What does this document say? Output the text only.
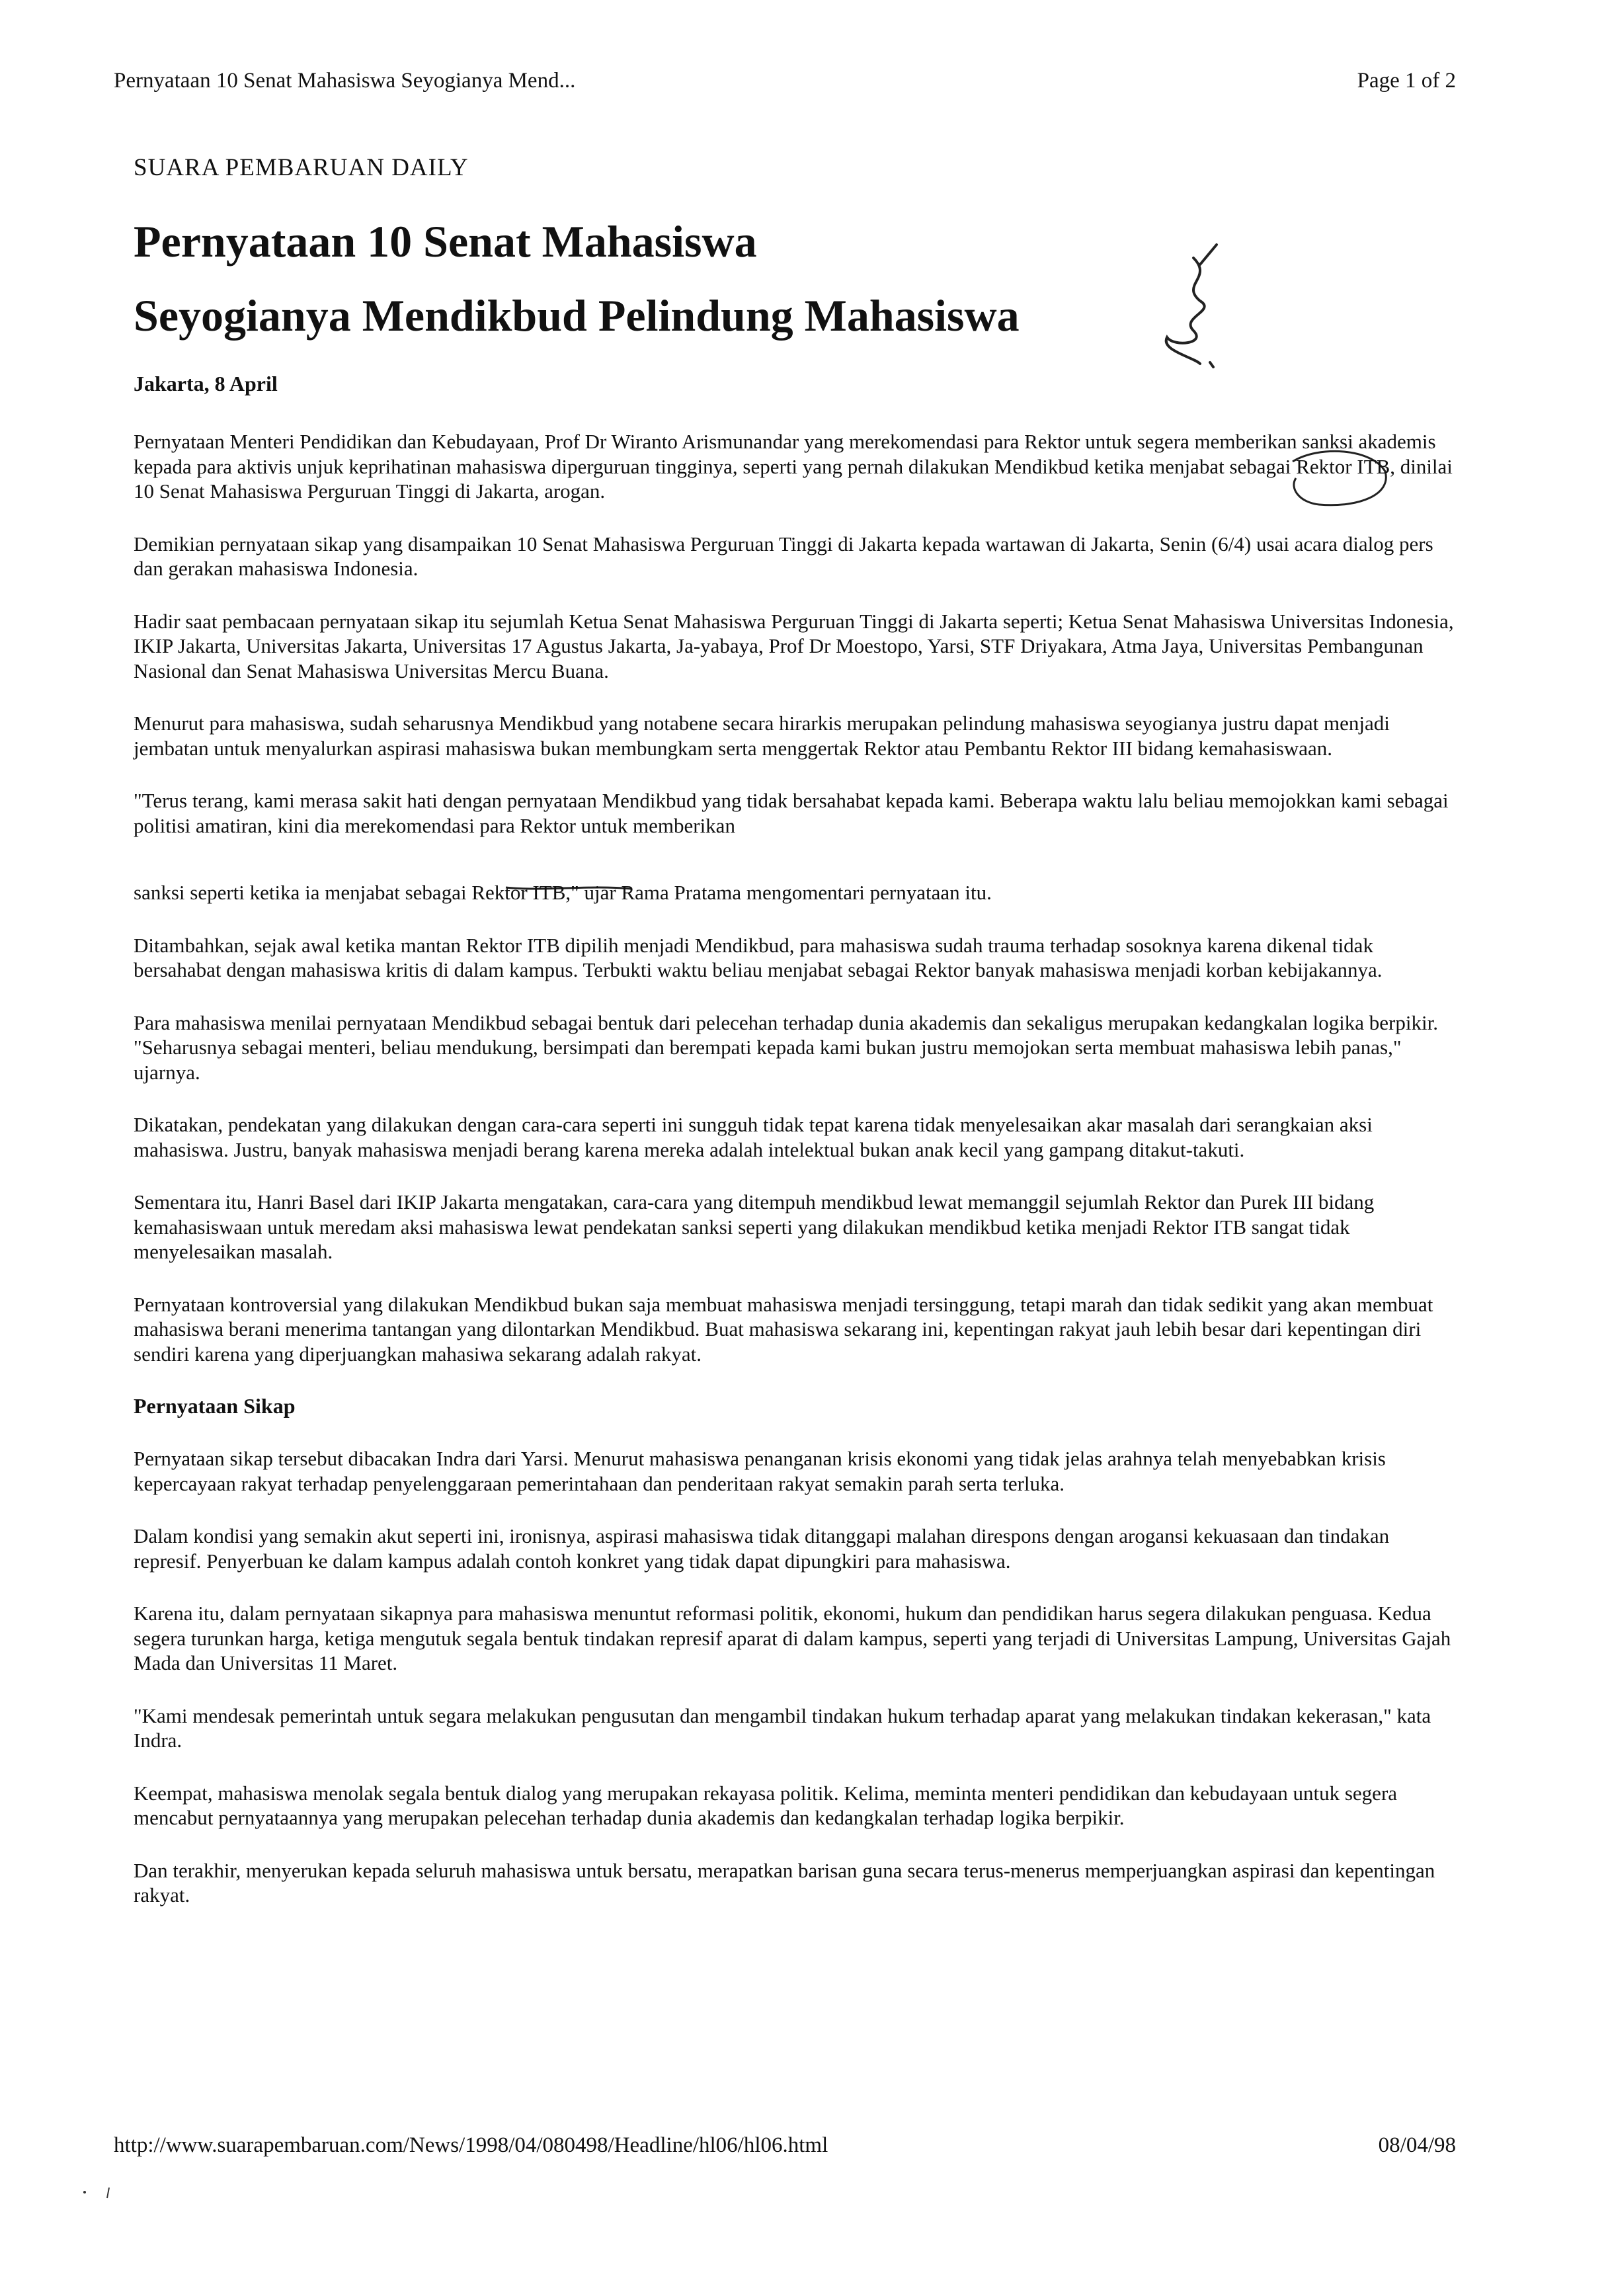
Pernyataan 10 Senat Mahasiswa Seyogianya Mend...	Page 1 of 2
SUARA PEMBARUAN DAILY
Pernyataan 10 Senat Mahasiswa
Seyogianya Mendikbud Pelindung Mahasiswa
Jakarta, 8 April

Pernyataan Menteri Pendidikan dan Kebudayaan, Prof Dr Wiranto Arismunandar yang merekomendasi para Rektor untuk segera memberikan sanksi akademis kepada para aktivis unjuk keprihatinan mahasiswa diperguruan tingginya, seperti yang pernah dilakukan Mendikbud ketika menjabat sebagai Rektor ITB, dinilai 10 Senat Mahasiswa Perguruan Tinggi di Jakarta, arogan.

Demikian pernyataan sikap yang disampaikan 10 Senat Mahasiswa Perguruan Tinggi di Jakarta kepada wartawan di Jakarta, Senin (6/4) usai acara dialog pers dan gerakan mahasiswa Indonesia.

Hadir saat pembacaan pernyataan sikap itu sejumlah Ketua Senat Mahasiswa Perguruan Tinggi di Jakarta seperti; Ketua Senat Mahasiswa Universitas Indonesia, IKIP Jakarta, Universitas Jakarta, Universitas 17 Agustus Jakarta, Ja-yabaya, Prof Dr Moestopo, Yarsi, STF Driyakara, Atma Jaya, Universitas Pembangunan Nasional dan Senat Mahasiswa Universitas Mercu Buana.

Menurut para mahasiswa, sudah seharusnya Mendikbud yang notabene secara hirarkis merupakan pelindung mahasiswa seyogianya justru dapat menjadi jembatan untuk menyalurkan aspirasi mahasiswa bukan membungkam serta menggertak Rektor atau Pembantu Rektor III bidang kemahasiswaan.

"Terus terang, kami merasa sakit hati dengan pernyataan Mendikbud yang tidak bersahabat kepada kami. Beberapa waktu lalu beliau memojokkan kami sebagai politisi amatiran, kini dia merekomendasi para Rektor untuk memberikan

sanksi seperti ketika ia menjabat sebagai Rektor ITB," ujar Rama Pratama mengomentari pernyataan itu.

Ditambahkan, sejak awal ketika mantan Rektor ITB dipilih menjadi Mendikbud, para mahasiswa sudah trauma terhadap sosoknya karena dikenal tidak bersahabat dengan mahasiswa kritis di dalam kampus. Terbukti waktu beliau menjabat sebagai Rektor banyak mahasiswa menjadi korban kebijakannya.

Para mahasiswa menilai pernyataan Mendikbud sebagai bentuk dari pelecehan terhadap dunia akademis dan sekaligus merupakan kedangkalan logika berpikir. "Seharusnya sebagai menteri, beliau mendukung, bersimpati dan berempati kepada kami bukan justru memojokan serta membuat mahasiswa lebih panas," ujarnya.

Dikatakan, pendekatan yang dilakukan dengan cara-cara seperti ini sungguh tidak tepat karena tidak menyelesaikan akar masalah dari serangkaian aksi mahasiswa. Justru, banyak mahasiswa menjadi berang karena mereka adalah intelektual bukan anak kecil yang gampang ditakut-takuti.

Sementara itu, Hanri Basel dari IKIP Jakarta mengatakan, cara-cara yang ditempuh mendikbud lewat memanggil sejumlah Rektor dan Purek III bidang kemahasiswaan untuk meredam aksi mahasiswa lewat pendekatan sanksi seperti yang dilakukan mendikbud ketika menjadi Rektor ITB sangat tidak menyelesaikan masalah.

Pernyataan kontroversial yang dilakukan Mendikbud bukan saja membuat mahasiswa menjadi tersinggung, tetapi marah dan tidak sedikit yang akan membuat mahasiswa berani menerima tantangan yang dilontarkan Mendikbud. Buat mahasiswa sekarang ini, kepentingan rakyat jauh lebih besar dari kepentingan diri sendiri karena yang diperjuangkan mahasiwa sekarang adalah rakyat.

Pernyataan Sikap

Pernyataan sikap tersebut dibacakan Indra dari Yarsi. Menurut mahasiswa penanganan krisis ekonomi yang tidak jelas arahnya telah menyebabkan krisis kepercayaan rakyat terhadap penyelenggaraan pemerintahaan dan penderitaan rakyat semakin parah serta terluka.

Dalam kondisi yang semakin akut seperti ini, ironisnya, aspirasi mahasiswa tidak ditanggapi malahan direspons dengan arogansi kekuasaan dan tindakan represif. Penyerbuan ke dalam kampus adalah contoh konkret yang tidak dapat dipungkiri para mahasiswa.

Karena itu, dalam pernyataan sikapnya para mahasiswa menuntut reformasi politik, ekonomi, hukum dan pendidikan harus segera dilakukan penguasa. Kedua segera turunkan harga, ketiga mengutuk segala bentuk tindakan represif aparat di dalam kampus, seperti yang terjadi di Universitas Lampung, Universitas Gajah Mada dan Universitas 11 Maret.

"Kami mendesak pemerintah untuk segara melakukan pengusutan dan mengambil tindakan hukum terhadap aparat yang melakukan tindakan kekerasan," kata Indra.

Keempat, mahasiswa menolak segala bentuk dialog yang merupakan rekayasa politik. Kelima, meminta menteri pendidikan dan kebudayaan untuk segera mencabut pernyataannya yang merupakan pelecehan terhadap dunia akademis dan kedangkalan terhadap logika berpikir.

Dan terakhir, menyerukan kepada seluruh mahasiswa untuk bersatu, merapatkan barisan guna secara terus-menerus memperjuangkan aspirasi dan kepentingan rakyat.

http://www.suarapembaruan.com/News/1998/04/080498/Headline/hl06/hl06.html	08/04/98
